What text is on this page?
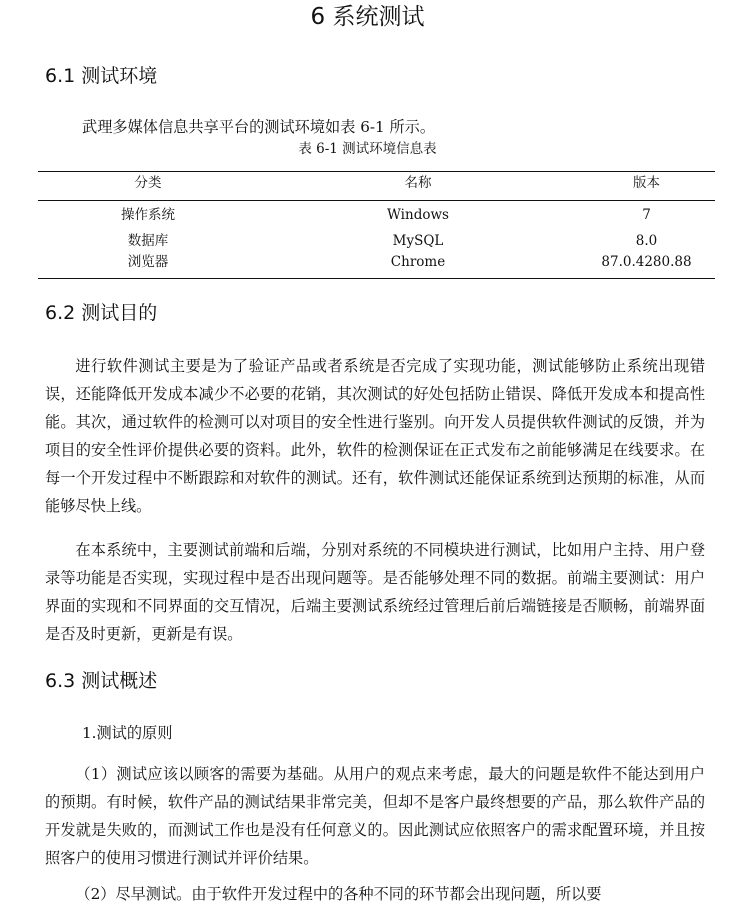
6 系统测试
6.1 测试环境
武理多媒体信息共享平台的测试环境如表 6-1 所示。
表 6-1 测试环境信息表
分类	名称	版本
操作系统	Windows	7
数据库	MySQL	8.0
浏览器	Chrome	87.0.4280.88
6.2 测试目的

进行软件测试主要是为了验证产品或者系统是否完成了实现功能，测试能够防止系统出现错误，还能降低开发成本减少不必要的花销，其次测试的好处包括防止错误、降低开发成本和提高性能。其次，通过软件的检测可以对项目的安全性进行鉴别。向开发人员提供软件测试的反馈，并为项目的安全性评价提供必要的资料。此外，软件的检测保证在正式发布之前能够满足在线要求。在每一个开发过程中不断跟踪和对软件的测试。还有，软件测试还能保证系统到达预期的标准，从而能够尽快上线。

在本系统中，主要测试前端和后端，分别对系统的不同模块进行测试，比如用户主持、用户登录等功能是否实现，实现过程中是否出现问题等。是否能够处理不同的数据。前端主要测试：用户界面的实现和不同界面的交互情况，后端主要测试系统经过管理后前后端链接是否顺畅，前端界面是否及时更新，更新是有误。

6.3 测试概述
1.测试的原则

（1）测试应该以顾客的需要为基础。从用户的观点来考虑，最大的问题是软件不能达到用户的预期。有时候，软件产品的测试结果非常完美，但却不是客户最终想要的产品，那么软件产品的开发就是失败的，而测试工作也是没有任何意义的。因此测试应依照客户的需求配置环境，并且按照客户的使用习惯进行测试并评价结果。

（2）尽早测试。由于软件开发过程中的各种不同的环节都会出现问题，所以要
